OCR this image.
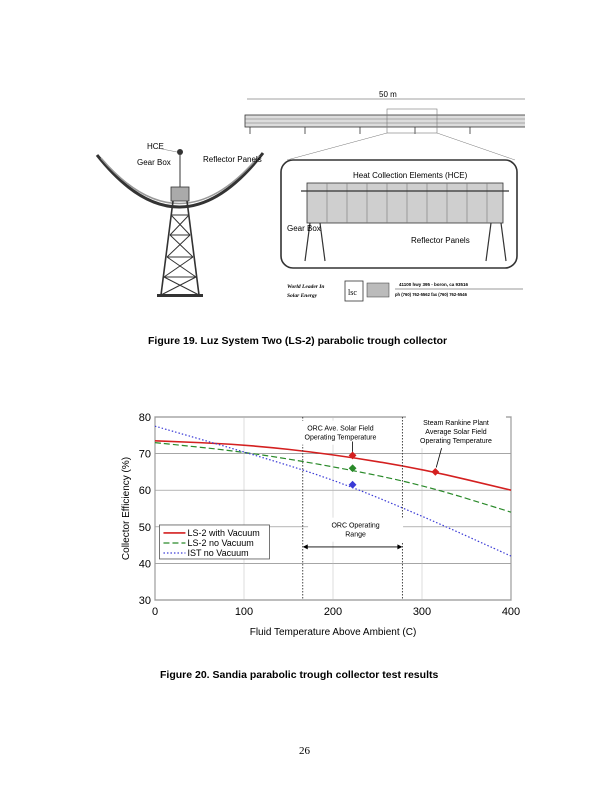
50 m
HCE
Gear Box	Reflector Panels
Heat Collection Elements (HCE)
Gear Box
Reflector Panels
World Leader In
Solar Energy	lsc
41100 hwy 395 - boron, ca 93516
ph (760) 762-5562 fax (760) 762-5546
Figure 19. Luz System Two (LS-2) parabolic trough collector
30
40
50
60
70
80
0	100	200	300	400
ORC Ave. Solar Field
Operating Temperature
Steam Rankine Plant
Average Solar Field
Operating Temperature
ORC Operating
Range
LS-2 with Vacuum
LS-2 no Vacuum
IST no Vacuum
Fluid Temperature Above Ambient (C)
Collector Efficiency (%)
Figure 20. Sandia parabolic trough collector test results
26
